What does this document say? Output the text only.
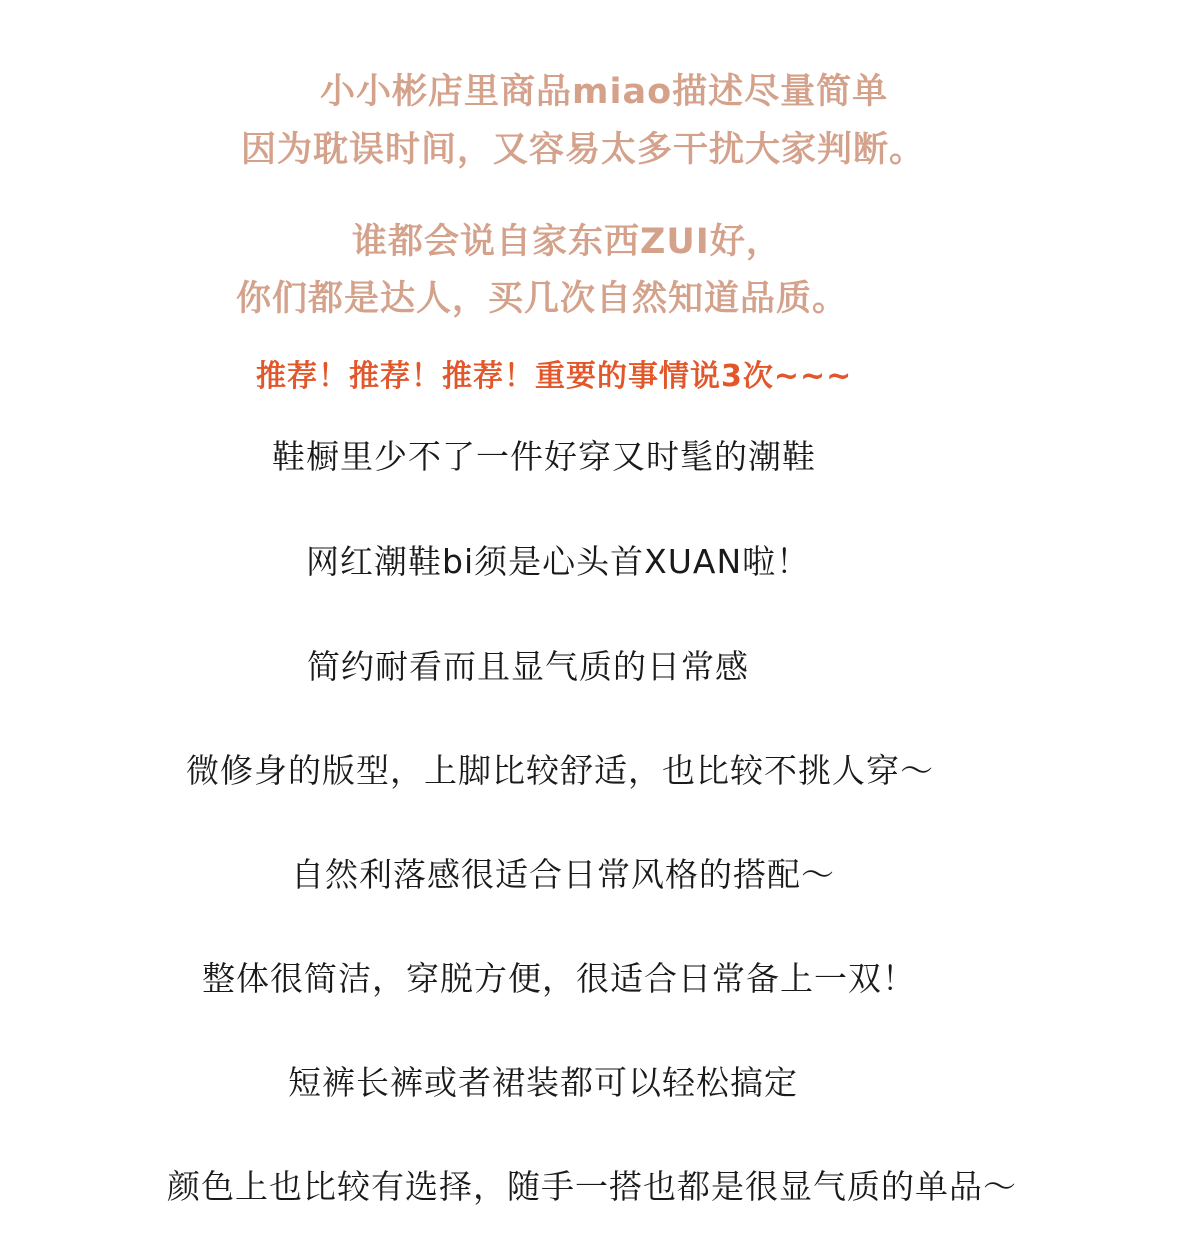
小小彬店里商品miao描述尽量简单
因为耽误时间，又容易太多干扰大家判断。
谁都会说自家东西ZUI好，
你们都是达人，买几次自然知道品质。
推荐！推荐！推荐！重要的事情说3次~~~
鞋橱里少不了一件好穿又时髦的潮鞋
网红潮鞋bi须是心头首XUAN啦！
简约耐看而且显气质的日常感
微修身的版型，上脚比较舒适，也比较不挑人穿～
自然利落感很适合日常风格的搭配～
整体很简洁，穿脱方便，很适合日常备上一双！
短裤长裤或者裙装都可以轻松搞定
颜色上也比较有选择，随手一搭也都是很显气质的单品～
